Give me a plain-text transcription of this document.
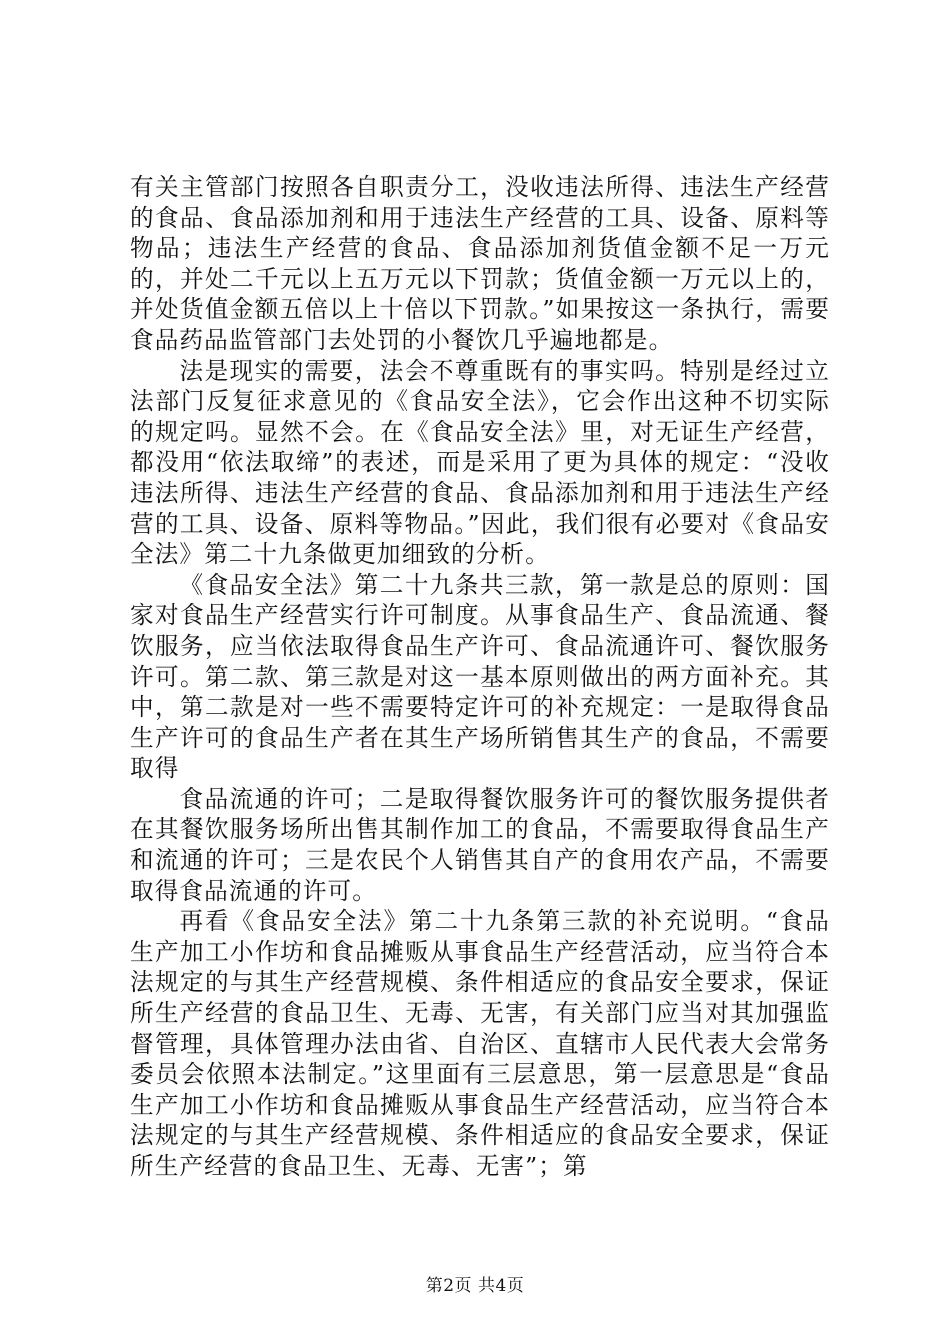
有关主管部门按照各自职责分工，没收违法所得、违法生产经营的食品、食品添加剂和用于违法生产经营的工具、设备、原料等物品；违法生产经营的食品、食品添加剂货值金额不足一万元的，并处二千元以上五万元以下罚款；货值金额一万元以上的，并处货值金额五倍以上十倍以下罚款。”如果按这一条执行，需要食品药品监管部门去处罚的小餐饮几乎遍地都是。

法是现实的需要，法会不尊重既有的事实吗。特别是经过立法部门反复征求意见的《食品安全法》，它会作出这种不切实际的规定吗。显然不会。在《食品安全法》里，对无证生产经营，都没用“依法取缔”的表述，而是采用了更为具体的规定：“没收违法所得、违法生产经营的食品、食品添加剂和用于违法生产经营的工具、设备、原料等物品。”因此，我们很有必要对《食品安全法》第二十九条做更加细致的分析。

《食品安全法》第二十九条共三款，第一款是总的原则：国家对食品生产经营实行许可制度。从事食品生产、食品流通、餐饮服务，应当依法取得食品生产许可、食品流通许可、餐饮服务许可。第二款、第三款是对这一基本原则做出的两方面补充。其中，第二款是对一些不需要特定许可的补充规定：一是取得食品生产许可的食品生产者在其生产场所销售其生产的食品，不需要取得

食品流通的许可；二是取得餐饮服务许可的餐饮服务提供者在其餐饮服务场所出售其制作加工的食品，不需要取得食品生产和流通的许可；三是农民个人销售其自产的食用农产品，不需要取得食品流通的许可。

再看《食品安全法》第二十九条第三款的补充说明。“食品生产加工小作坊和食品摊贩从事食品生产经营活动，应当符合本法规定的与其生产经营规模、条件相适应的食品安全要求，保证所生产经营的食品卫生、无毒、无害，有关部门应当对其加强监督管理，具体管理办法由省、自治区、直辖市人民代表大会常务委员会依照本法制定。”这里面有三层意思，第一层意思是“食品生产加工小作坊和食品摊贩从事食品生产经营活动，应当符合本法规定的与其生产经营规模、条件相适应的食品安全要求，保证所生产经营的食品卫生、无毒、无害”；第

第2页 共4页
